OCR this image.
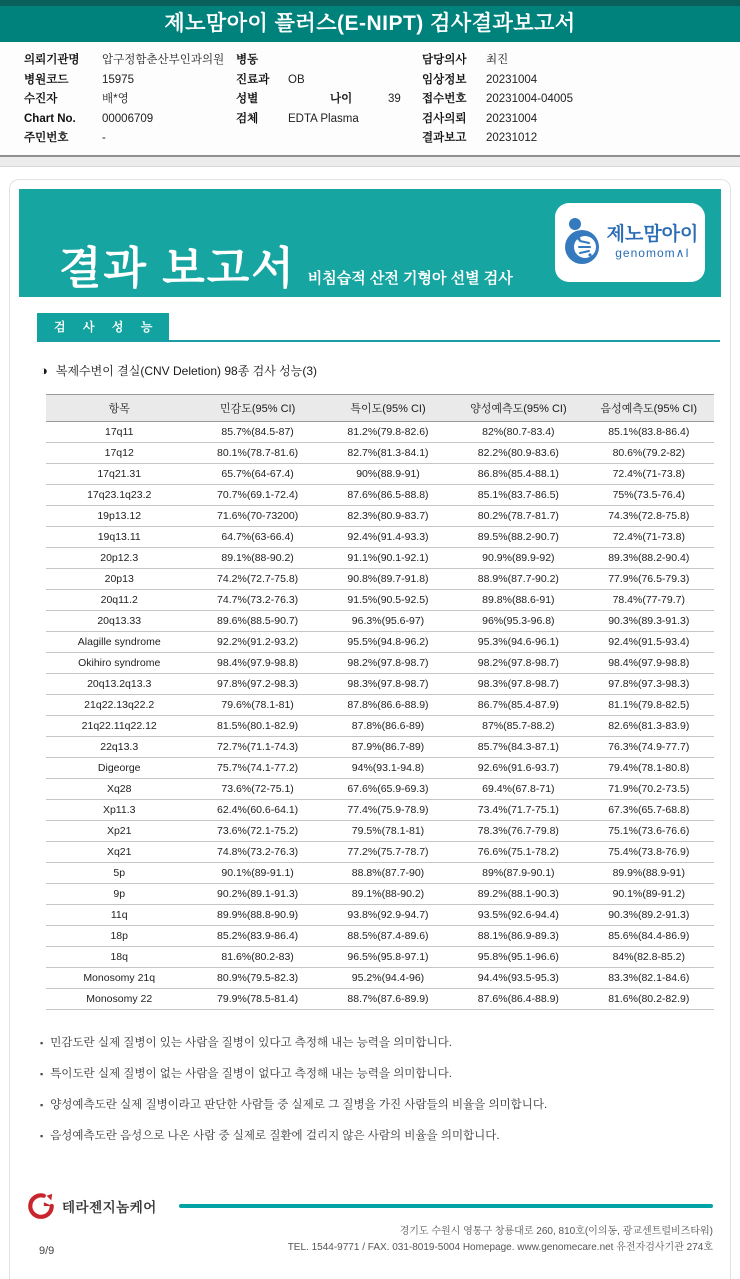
제노맘아이 플러스(E-NIPT) 검사결과보고서
의뢰기관명	압구정함춘산부인과의원
병원코드	15975
수진자	배*영
Chart No.	00006709
주민번호	-
병동
진료과	OB
성별	나이	39
검체	EDTA Plasma
담당의사	최진
임상정보	20231004
접수번호	20231004-04005
검사의뢰	20231004
결과보고	20231012
결과 보고서 비침습적 산전 기형아 선별 검사
제노맘아이
genomom∧I
검 사 성 능
◑ 복제수변이 결실(CNV Deletion) 98종 검사 성능(3)
항목	민감도(95% CI)	특이도(95% CI)	양성예측도(95% CI)	음성예측도(95% CI)
17q11	85.7%(84.5-87)	81.2%(79.8-82.6)	82%(80.7-83.4)	85.1%(83.8-86.4)
17q12	80.1%(78.7-81.6)	82.7%(81.3-84.1)	82.2%(80.9-83.6)	80.6%(79.2-82)
17q21.31	65.7%(64-67.4)	90%(88.9-91)	86.8%(85.4-88.1)	72.4%(71-73.8)
17q23.1q23.2	70.7%(69.1-72.4)	87.6%(86.5-88.8)	85.1%(83.7-86.5)	75%(73.5-76.4)
19p13.12	71.6%(70-73200)	82.3%(80.9-83.7)	80.2%(78.7-81.7)	74.3%(72.8-75.8)
19q13.11	64.7%(63-66.4)	92.4%(91.4-93.3)	89.5%(88.2-90.7)	72.4%(71-73.8)
20p12.3	89.1%(88-90.2)	91.1%(90.1-92.1)	90.9%(89.9-92)	89.3%(88.2-90.4)
20p13	74.2%(72.7-75.8)	90.8%(89.7-91.8)	88.9%(87.7-90.2)	77.9%(76.5-79.3)
20q11.2	74.7%(73.2-76.3)	91.5%(90.5-92.5)	89.8%(88.6-91)	78.4%(77-79.7)
20q13.33	89.6%(88.5-90.7)	96.3%(95.6-97)	96%(95.3-96.8)	90.3%(89.3-91.3)
Alagille syndrome	92.2%(91.2-93.2)	95.5%(94.8-96.2)	95.3%(94.6-96.1)	92.4%(91.5-93.4)
Okihiro syndrome	98.4%(97.9-98.8)	98.2%(97.8-98.7)	98.2%(97.8-98.7)	98.4%(97.9-98.8)
20q13.2q13.3	97.8%(97.2-98.3)	98.3%(97.8-98.7)	98.3%(97.8-98.7)	97.8%(97.3-98.3)
21q22.13q22.2	79.6%(78.1-81)	87.8%(86.6-88.9)	86.7%(85.4-87.9)	81.1%(79.8-82.5)
21q22.11q22.12	81.5%(80.1-82.9)	87.8%(86.6-89)	87%(85.7-88.2)	82.6%(81.3-83.9)
22q13.3	72.7%(71.1-74.3)	87.9%(86.7-89)	85.7%(84.3-87.1)	76.3%(74.9-77.7)
Digeorge	75.7%(74.1-77.2)	94%(93.1-94.8)	92.6%(91.6-93.7)	79.4%(78.1-80.8)
Xq28	73.6%(72-75.1)	67.6%(65.9-69.3)	69.4%(67.8-71)	71.9%(70.2-73.5)
Xp11.3	62.4%(60.6-64.1)	77.4%(75.9-78.9)	73.4%(71.7-75.1)	67.3%(65.7-68.8)
Xp21	73.6%(72.1-75.2)	79.5%(78.1-81)	78.3%(76.7-79.8)	75.1%(73.6-76.6)
Xq21	74.8%(73.2-76.3)	77.2%(75.7-78.7)	76.6%(75.1-78.2)	75.4%(73.8-76.9)
5p	90.1%(89-91.1)	88.8%(87.7-90)	89%(87.9-90.1)	89.9%(88.9-91)
9p	90.2%(89.1-91.3)	89.1%(88-90.2)	89.2%(88.1-90.3)	90.1%(89-91.2)
11q	89.9%(88.8-90.9)	93.8%(92.9-94.7)	93.5%(92.6-94.4)	90.3%(89.2-91.3)
18p	85.2%(83.9-86.4)	88.5%(87.4-89.6)	88.1%(86.9-89.3)	85.6%(84.4-86.9)
18q	81.6%(80.2-83)	96.5%(95.8-97.1)	95.8%(95.1-96.6)	84%(82.8-85.2)
Monosomy 21q	80.9%(79.5-82.3)	95.2%(94.4-96)	94.4%(93.5-95.3)	83.3%(82.1-84.6)
Monosomy 22	79.9%(78.5-81.4)	88.7%(87.6-89.9)	87.6%(86.4-88.9)	81.6%(80.2-82.9)
▪ 민감도란 실제 질병이 있는 사람을 질병이 있다고 측정해 내는 능력을 의미합니다.
▪ 특이도란 실제 질병이 없는 사람을 질병이 없다고 측정해 내는 능력을 의미합니다.
▪ 양성예측도란 실제 질병이라고 판단한 사람들 중 실제로 그 질병을 가진 사람들의 비율을 의미합니다.
▪ 음성예측도란 음성으로 나온 사람 중 실제로 질환에 걸리지 않은 사람의 비율을 의미합니다.
테라젠지놈케어
9/9
경기도 수원시 영통구 창룡대로 260, 810호(이의동, 광교센트럴비즈타워)
TEL. 1544-9771 / FAX. 031-8019-5004 Homepage. www.genomecare.net 유전자검사기관 274호
